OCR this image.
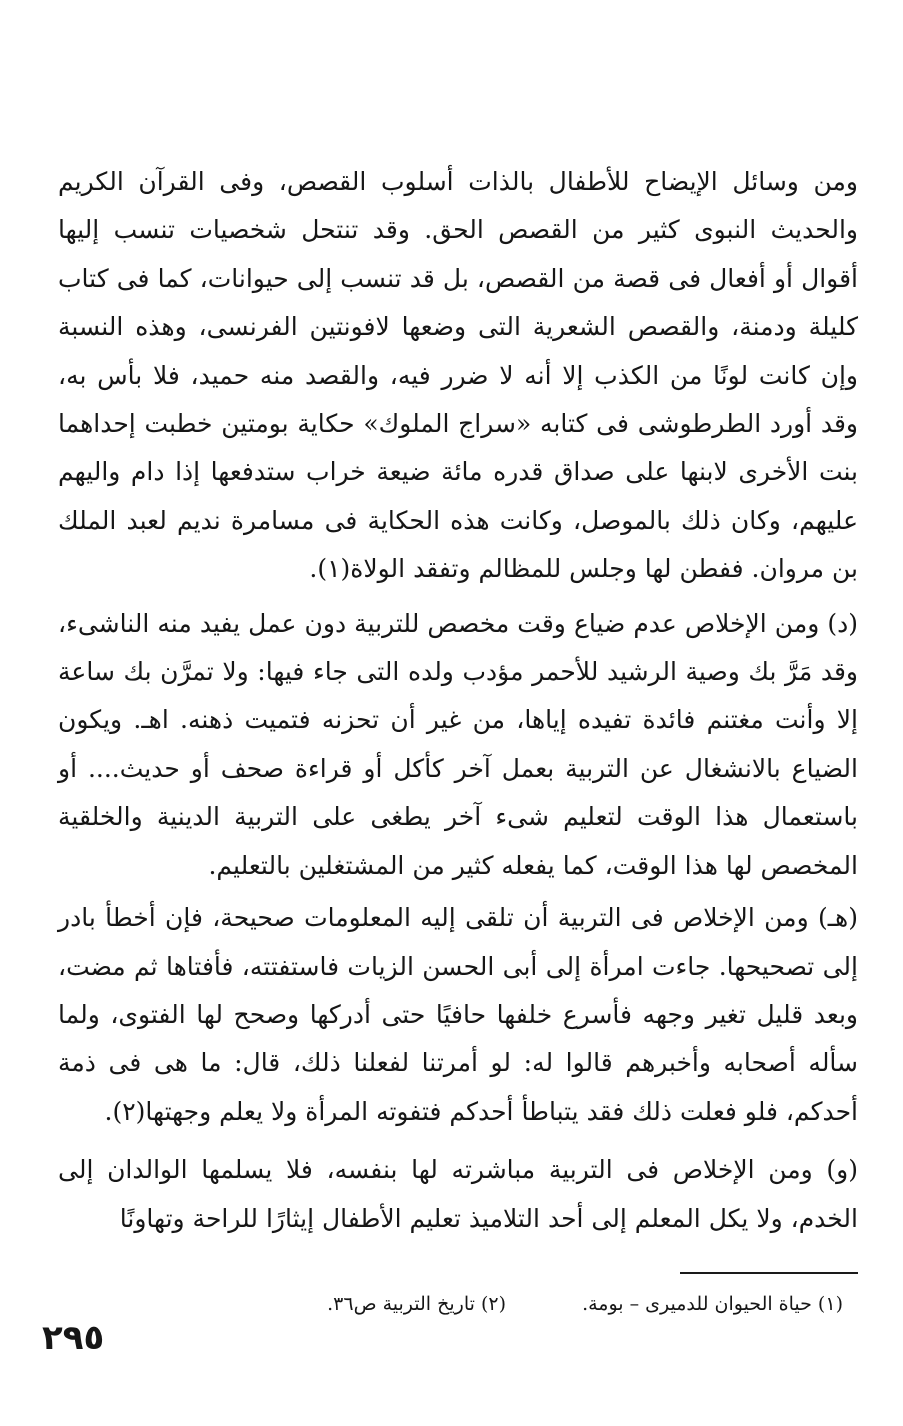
ومن وسائل الإيضاح للأطفال بالذات أسلوب القصص، وفى القرآن الكريم والحديث النبوى كثير من القصص الحق. وقد تنتحل شخصيات تنسب إليها أقوال أو أفعال فى قصة من القصص، بل قد تنسب إلى حيوانات، كما فى كتاب كليلة ودمنة، والقصص الشعرية التى وضعها لافونتين الفرنسى، وهذه النسبة وإن كانت لونًا من الكذب إلا أنه لا ضرر فيه، والقصد منه حميد، فلا بأس به، وقد أورد الطرطوشى فى كتابه «سراج الملوك» حكاية بومتين خطبت إحداهما بنت الأخرى لابنها على صداق قدره مائة ضيعة خراب ستدفعها إذا دام واليهم عليهم، وكان ذلك بالموصل، وكانت هذه الحكاية فى مسامرة نديم لعبد الملك بن مروان. ففطن لها وجلس للمظالم وتفقد الولاة(١).

(د) ومن الإخلاص عدم ضياع وقت مخصص للتربية دون عمل يفيد منه الناشىء، وقد مَرَّ بك وصية الرشيد للأحمر مؤدب ولده التى جاء فيها: ولا تمرَّن بك ساعة إلا وأنت مغتنم فائدة تفيده إياها، من غير أن تحزنه فتميت ذهنه. اهـ. ويكون الضياع بالانشغال عن التربية بعمل آخر كأكل أو قراءة صحف أو حديث.... أو باستعمال هذا الوقت لتعليم شىء آخر يطغى على التربية الدينية والخلقية المخصص لها هذا الوقت، كما يفعله كثير من المشتغلين بالتعليم.

(هـ) ومن الإخلاص فى التربية أن تلقى إليه المعلومات صحيحة، فإن أخطأ بادر إلى تصحيحها. جاءت امرأة إلى أبى الحسن الزيات فاستفتته، فأفتاها ثم مضت، وبعد قليل تغير وجهه فأسرع خلفها حافيًا حتى أدركها وصحح لها الفتوى، ولما سأله أصحابه وأخبرهم قالوا له: لو أمرتنا لفعلنا ذلك، قال: ما هى فى ذمة أحدكم، فلو فعلت ذلك فقد يتباطأ أحدكم فتفوته المرأة ولا يعلم وجهتها(٢).

(و) ومن الإخلاص فى التربية مباشرته لها بنفسه، فلا يسلمها الوالدان إلى الخدم، ولا يكل المعلم إلى أحد التلاميذ تعليم الأطفال إيثارًا للراحة وتهاونًا

(١) حياة الحيوان للدميرى – بومة. (٢) تاريخ التربية ص٣٦.
٢٩٥
